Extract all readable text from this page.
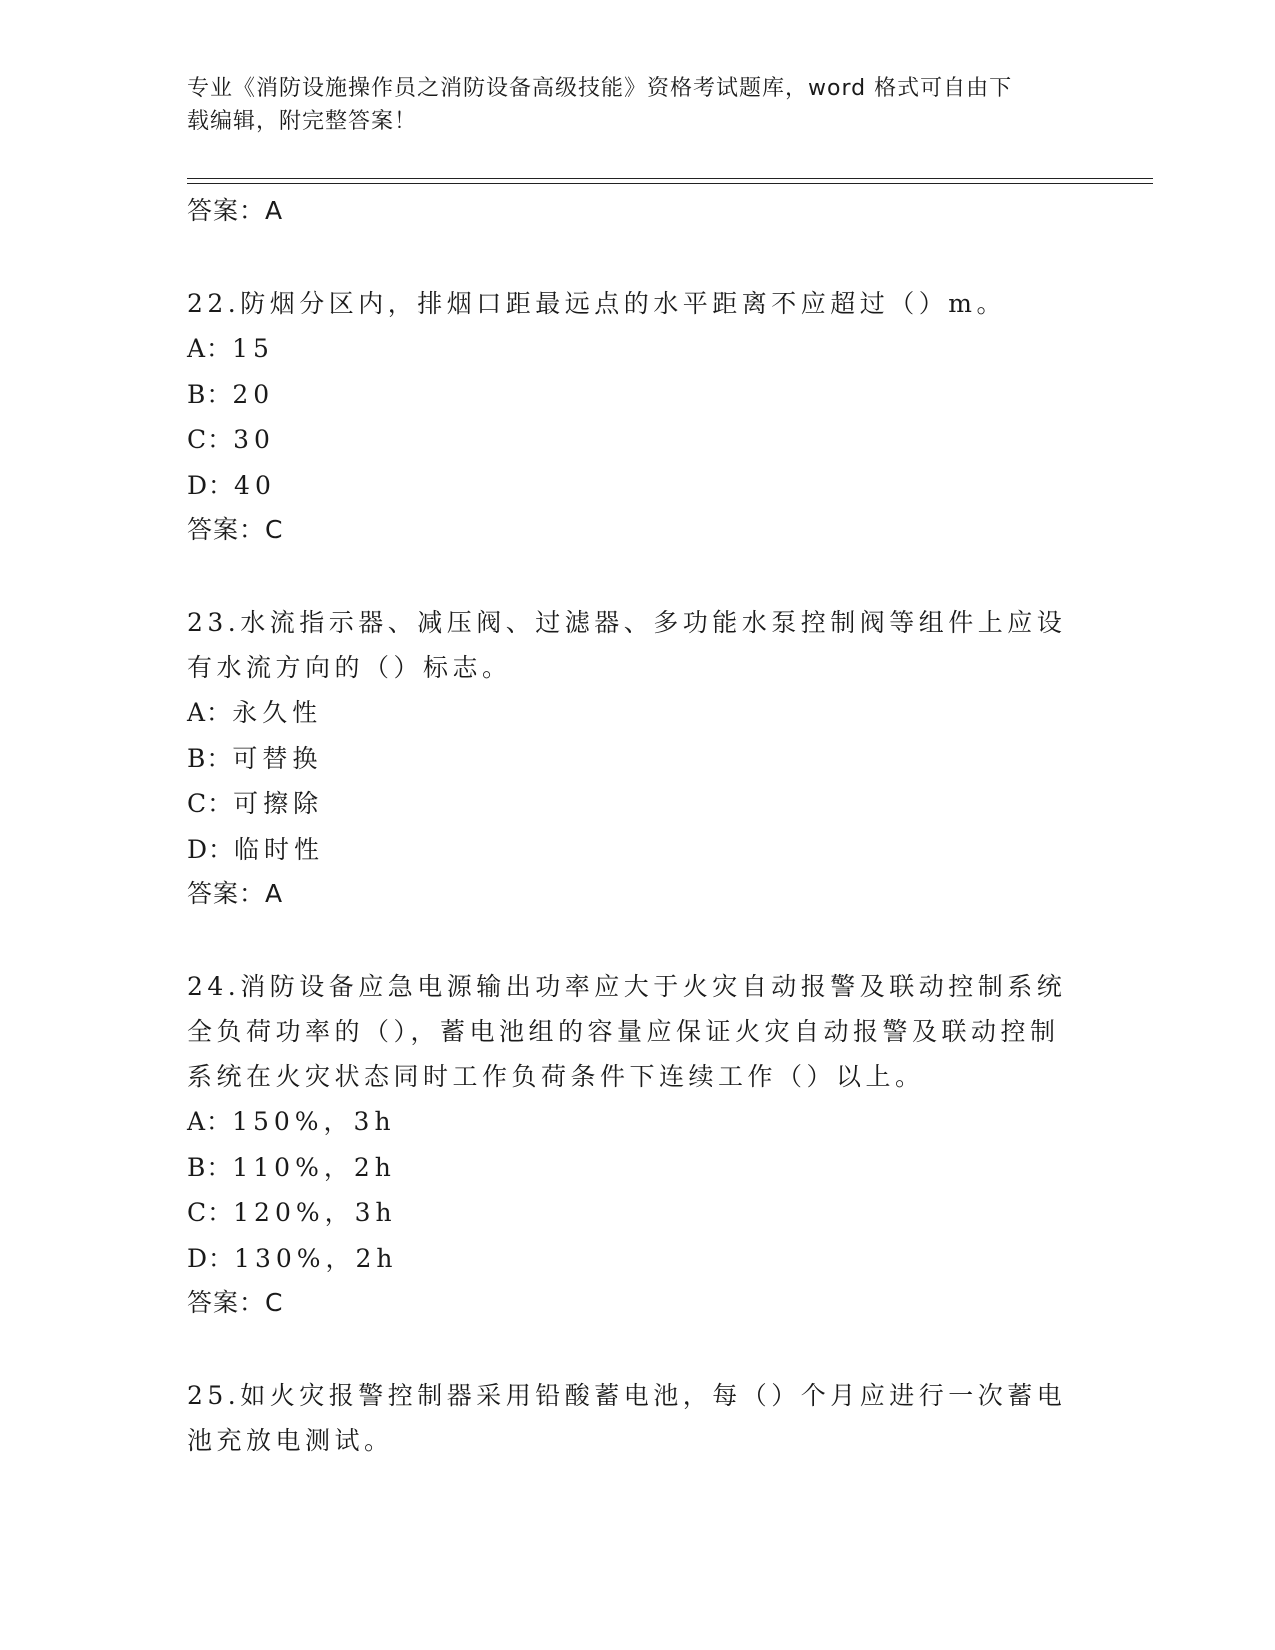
专业《消防设施操作员之消防设备高级技能》资格考试题库，word 格式可自由下
载编辑，附完整答案！
答案：A
22.防烟分区内，排烟口距最远点的水平距离不应超过（）m。
A：15
B：20
C：30
D：40
答案：C
23.水流指示器、减压阀、过滤器、多功能水泵控制阀等组件上应设有水流方向的（）标志。
A：永久性
B：可替换
C：可擦除
D：临时性
答案：A
24.消防设备应急电源输出功率应大于火灾自动报警及联动控制系统全负荷功率的（），蓄电池组的容量应保证火灾自动报警及联动控制系统在火灾状态同时工作负荷条件下连续工作（）以上。
A：150%，3h
B：110%，2h
C：120%，3h
D：130%，2h
答案：C
25.如火灾报警控制器采用铅酸蓄电池，每（）个月应进行一次蓄电池充放电测试。
